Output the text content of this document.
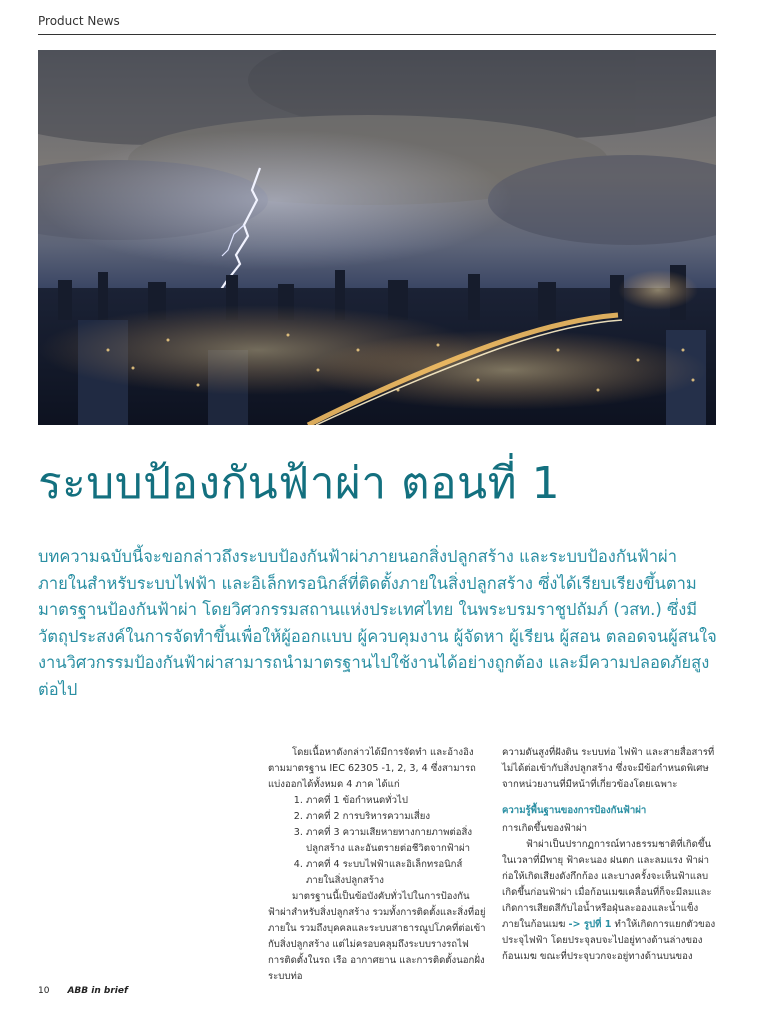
Product News
ระบบป้องกันฟ้าผ่า ตอนที่ 1

บทความฉบับนี้จะขอกล่าวถึงระบบป้องกันฟ้าผ่าภายนอกสิ่งปลูกสร้าง และระบบป้องกันฟ้าผ่าภายในสำหรับระบบไฟฟ้า และอิเล็กทรอนิกส์ที่ติดตั้งภายในสิ่งปลูกสร้าง ซึ่งได้เรียบเรียงขึ้นตามมาตรฐานป้องกันฟ้าผ่า โดยวิศวกรรมสถานแห่งประเทศไทย ในพระบรมราชูปถัมภ์ (วสท.) ซึ่งมีวัตถุประสงค์ในการจัดทำขึ้นเพื่อให้ผู้ออกแบบ ผู้ควบคุมงาน ผู้จัดหา ผู้เรียน ผู้สอน ตลอดจนผู้สนใจงานวิศวกรรมป้องกันฟ้าผ่าสามารถนำมาตรฐานไปใช้งานได้อย่างถูกต้อง และมีความปลอดภัยสูงต่อไป

โดยเนื้อหาดังกล่าวได้มีการจัดทำ และอ้างอิงตามมาตรฐาน IEC 62305 -1, 2, 3, 4 ซึ่งสามารถแบ่งออกได้ทั้งหมด 4 ภาค ได้แก่

1. ภาคที่ 1 ข้อกำหนดทั่วไป
2. ภาคที่ 2 การบริหารความเสี่ยง
3. ภาคที่ 3 ความเสียหายทางกายภาพต่อสิ่งปลูกสร้าง และอันตรายต่อชีวิตจากฟ้าผ่า
4. ภาคที่ 4 ระบบไฟฟ้าและอิเล็กทรอนิกส์ภายในสิ่งปลูกสร้าง

มาตรฐานนี้เป็นข้อบังคับทั่วไปในการป้องกันฟ้าผ่าสำหรับสิ่งปลูกสร้าง รวมทั้งการติดตั้งและสิ่งที่อยู่ภายใน รวมถึงบุคคลและระบบสาธารณูปโภคที่ต่อเข้ากับสิ่งปลูกสร้าง แต่ไม่ครอบคลุมถึงระบบรางรถไฟ การติดตั้งในรถ เรือ อากาศยาน และการติดตั้งนอกฝั่ง ระบบท่อ

ความดันสูงที่ฝังดิน ระบบท่อ ไฟฟ้า และสายสื่อสารที่ไม่ได้ต่อเข้ากับสิ่งปลูกสร้าง ซึ่งจะมีข้อกำหนดพิเศษจากหน่วยงานที่มีหน้าที่เกี่ยวข้องโดยเฉพาะ

ความรู้พื้นฐานของการป้องกันฟ้าผ่า

การเกิดขึ้นของฟ้าผ่า

ฟ้าผ่าเป็นปรากฏการณ์ทางธรรมชาติที่เกิดขึ้นในเวลาที่มีพายุ ฟ้าคะนอง ฝนตก และลมแรง ฟ้าผ่าก่อให้เกิดเสียงดังกึกก้อง และบางครั้งจะเห็นฟ้าแลบ เกิดขึ้นก่อนฟ้าผ่า เมื่อก้อนเมฆเคลื่อนที่ก็จะมีลมและเกิดการเสียดสีกับไอน้ำหรือฝุ่นละอองและน้ำแข็งภายในก้อนเมฆ -> รูปที่ 1 ทำให้เกิดการแยกตัวของประจุไฟฟ้า โดยประจุลบจะไปอยู่ทางด้านล่างของก้อนเมฆ ขณะที่ประจุบวกจะอยู่ทางด้านบนของ

10 ABB in brief
